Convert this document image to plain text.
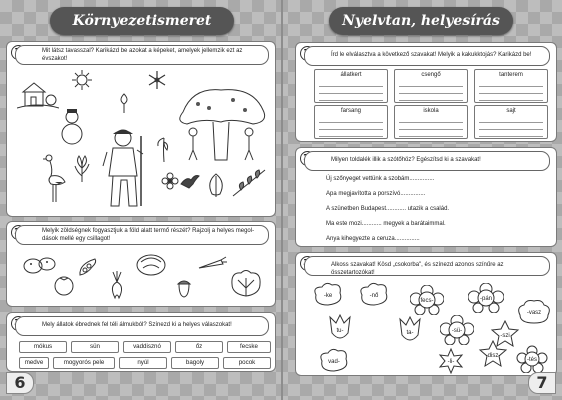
Környezetismeret
Mit látsz tavasszal? Karikázd be azokat a képeket, amelyek jellemzik ezt az évszakot!
Melyik zöldségnek fogyasztjuk a föld alatt termő részét? Rajzolj a helyes megol-dások mellé egy csillagot!
Mely állatok ébrednek fel téli álmukból? Színezd ki a helyes válaszokat!
mókus	sün	vaddisznó	őz	fecske
medve	mogyorós pele	nyúl	bagoly	pocok
6
Nyelvtan, helyesírás
Írd le elválasztva a következő szavakat! Melyik a kakukktojás? Karikázd be!
állatkert	csengő	tanterem
farsang	iskola	sajt
Milyen toldalék illik a szótőhöz? Egészítsd ki a szavakat!
Új szőnyeget vettünk a szobám...............
Apa megjavította a porszívó...............
A szünetben Budapest............ utazik a család.
Ma este mozi............ megyek a barátaimmal.
Anya kihegyezte a ceruza...............
Alkoss szavakat! Kösd „csokorba", és színezd azonos színűre az összetartozókat!
-ke	-nő
fecs-	-pán
-vasz
tu-	ta-	-sü-
-szi
vad-	-li-
-disz-
-tés
7
